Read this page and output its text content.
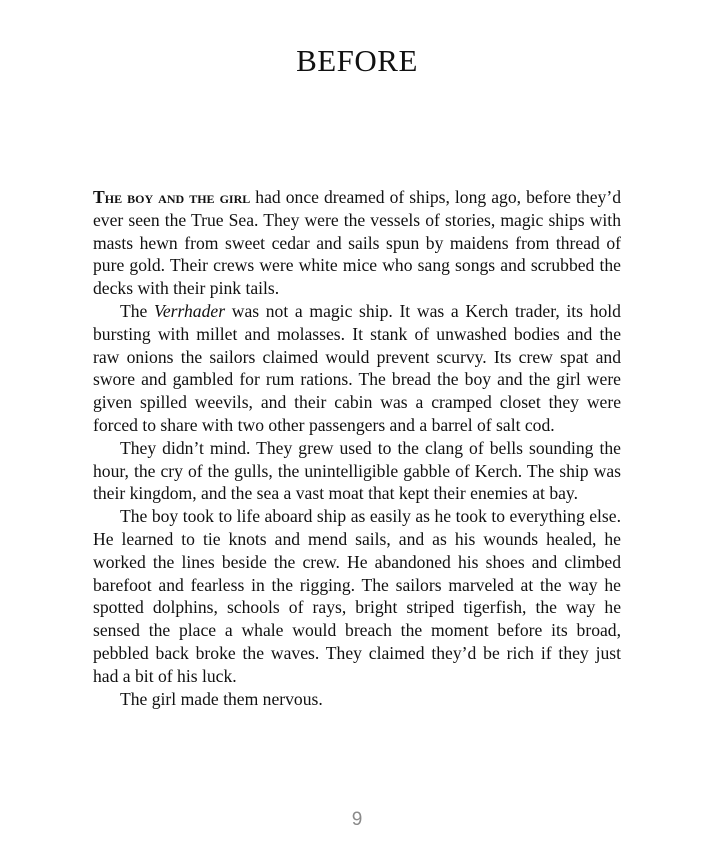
BEFORE

The boy and the girl had once dreamed of ships, long ago, before they’d ever seen the True Sea. They were the vessels of stories, magic ships with masts hewn from sweet cedar and sails spun by maidens from thread of pure gold. Their crews were white mice who sang songs and scrubbed the decks with their pink tails.

The Verrhader was not a magic ship. It was a Kerch trader, its hold bursting with millet and molasses. It stank of unwashed bodies and the raw onions the sailors claimed would prevent scurvy. Its crew spat and swore and gambled for rum rations. The bread the boy and the girl were given spilled weevils, and their cabin was a cramped closet they were forced to share with two other passengers and a barrel of salt cod.

They didn’t mind. They grew used to the clang of bells sounding the hour, the cry of the gulls, the unintelligible gabble of Kerch. The ship was their kingdom, and the sea a vast moat that kept their enemies at bay.

The boy took to life aboard ship as easily as he took to everything else. He learned to tie knots and mend sails, and as his wounds healed, he worked the lines beside the crew. He abandoned his shoes and climbed barefoot and fearless in the rigging. The sailors marveled at the way he spotted dolphins, schools of rays, bright striped tigerfish, the way he sensed the place a whale would breach the moment before its broad, pebbled back broke the waves. They claimed they’d be rich if they just had a bit of his luck.

The girl made them nervous.

9
